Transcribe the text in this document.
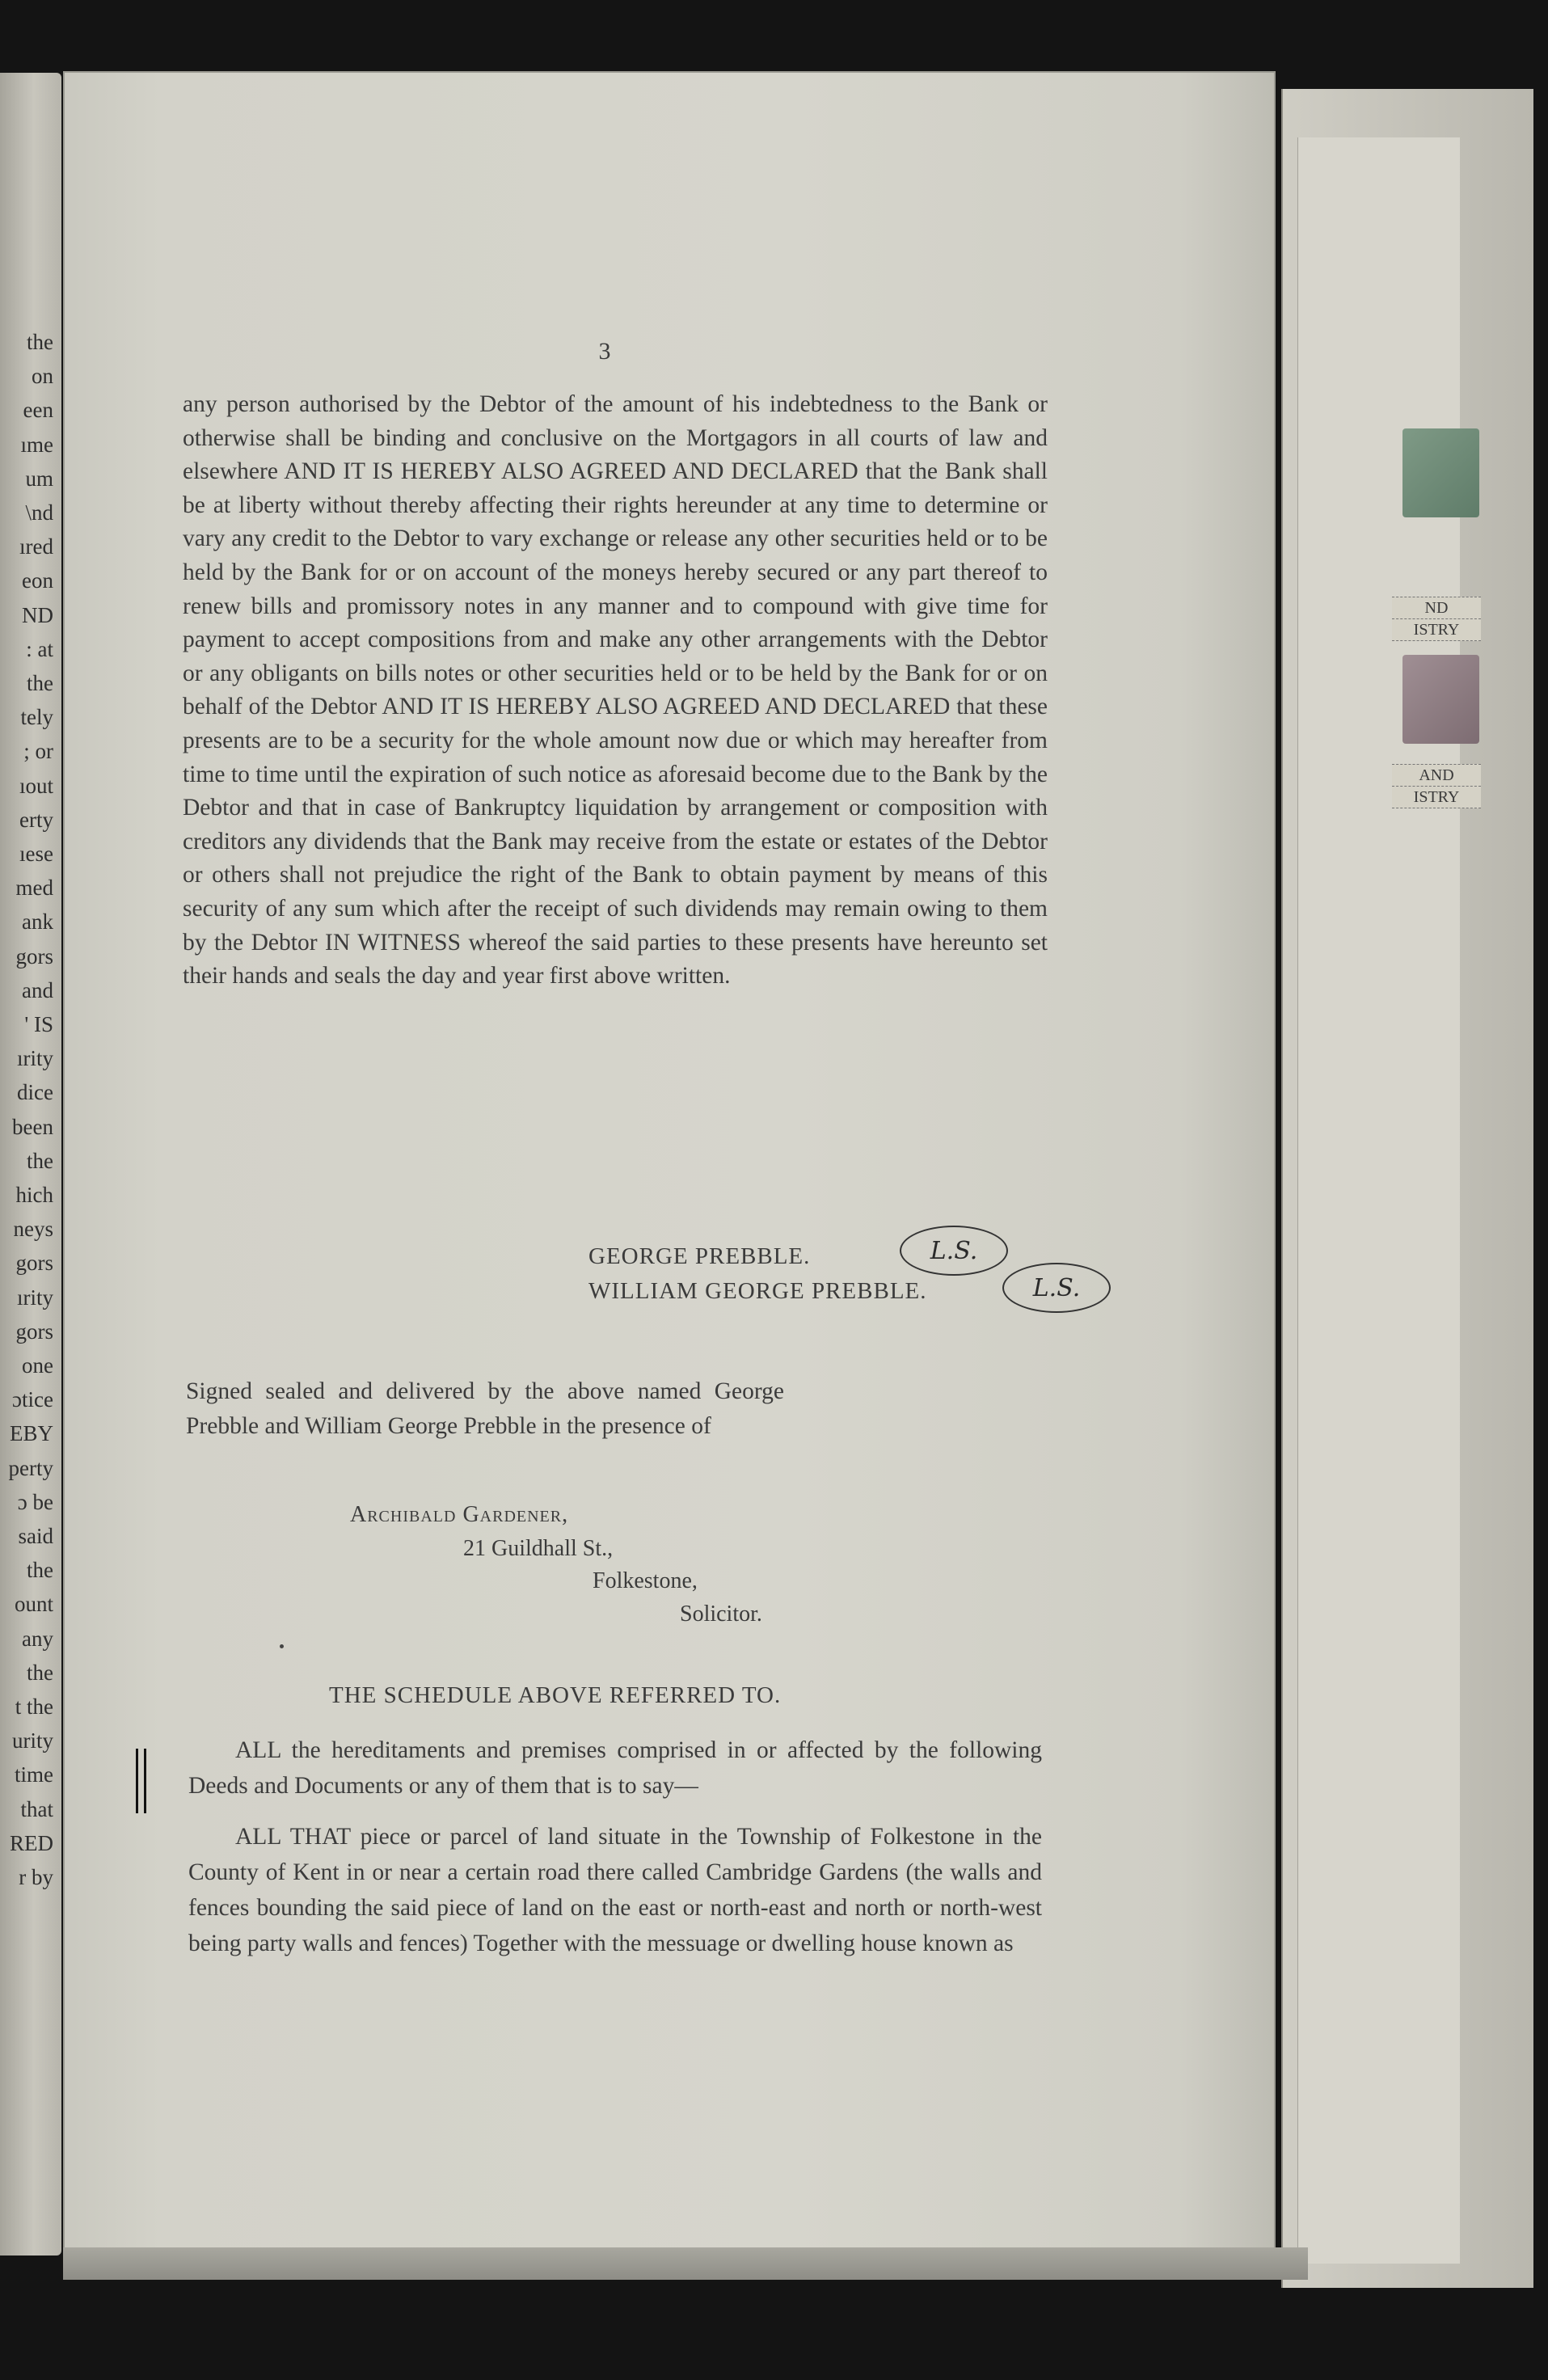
the
on
een
ıme
um
\nd
ıred
eon
ND
: at
the
tely
; or
ıout
erty
ıese
med
ank
gors
and
' IS
ırity
dice
been
the
hich
neys
gors
ırity
gors
one
ɔtice
EBY
perty
ɔ be
said
the
ount
any
the
t the
urity
time
that
RED
r by
ND
ISTRY
AND
ISTRY
3

any person authorised by the Debtor of the amount of his indebtedness to the Bank or otherwise shall be binding and conclusive on the Mortgagors in all courts of law and elsewhere AND IT IS HEREBY ALSO AGREED AND DECLARED that the Bank shall be at liberty without thereby affecting their rights hereunder at any time to determine or vary any credit to the Debtor to vary exchange or release any other securities held or to be held by the Bank for or on account of the moneys hereby secured or any part thereof to renew bills and promissory notes in any manner and to compound with give time for payment to accept compositions from and make any other arrangements with the Debtor or any obligants on bills notes or other securities held or to be held by the Bank for or on behalf of the Debtor AND IT IS HEREBY ALSO AGREED AND DECLARED that these presents are to be a security for the whole amount now due or which may hereafter from time to time until the expiration of such notice as aforesaid become due to the Bank by the Debtor and that in case of Bankruptcy liquidation by arrangement or composition with creditors any dividends that the Bank may receive from the estate or estates of the Debtor or others shall not prejudice the right of the Bank to obtain payment by means of this security of any sum which after the receipt of such dividends may remain owing to them by the Debtor IN WITNESS whereof the said parties to these presents have hereunto set their hands and seals the day and year first above written.

GEORGE PREBBLE.	L.S.
WILLIAM GEORGE PREBBLE.	L.S.

Signed sealed and delivered by the above named George Prebble and William George Prebble in the presence of

Archibald Gardener,
21 Guildhall St.,
Folkestone,
Solicitor.
THE SCHEDULE ABOVE REFERRED TO.

ALL the hereditaments and premises comprised in or affected by the following Deeds and Documents or any of them that is to say—

ALL THAT piece or parcel of land situate in the Township of Folkestone in the County of Kent in or near a certain road there called Cambridge Gardens (the walls and fences bounding the said piece of land on the east or north-east and north or north-west being party walls and fences) Together with the messuage or dwelling house known as
